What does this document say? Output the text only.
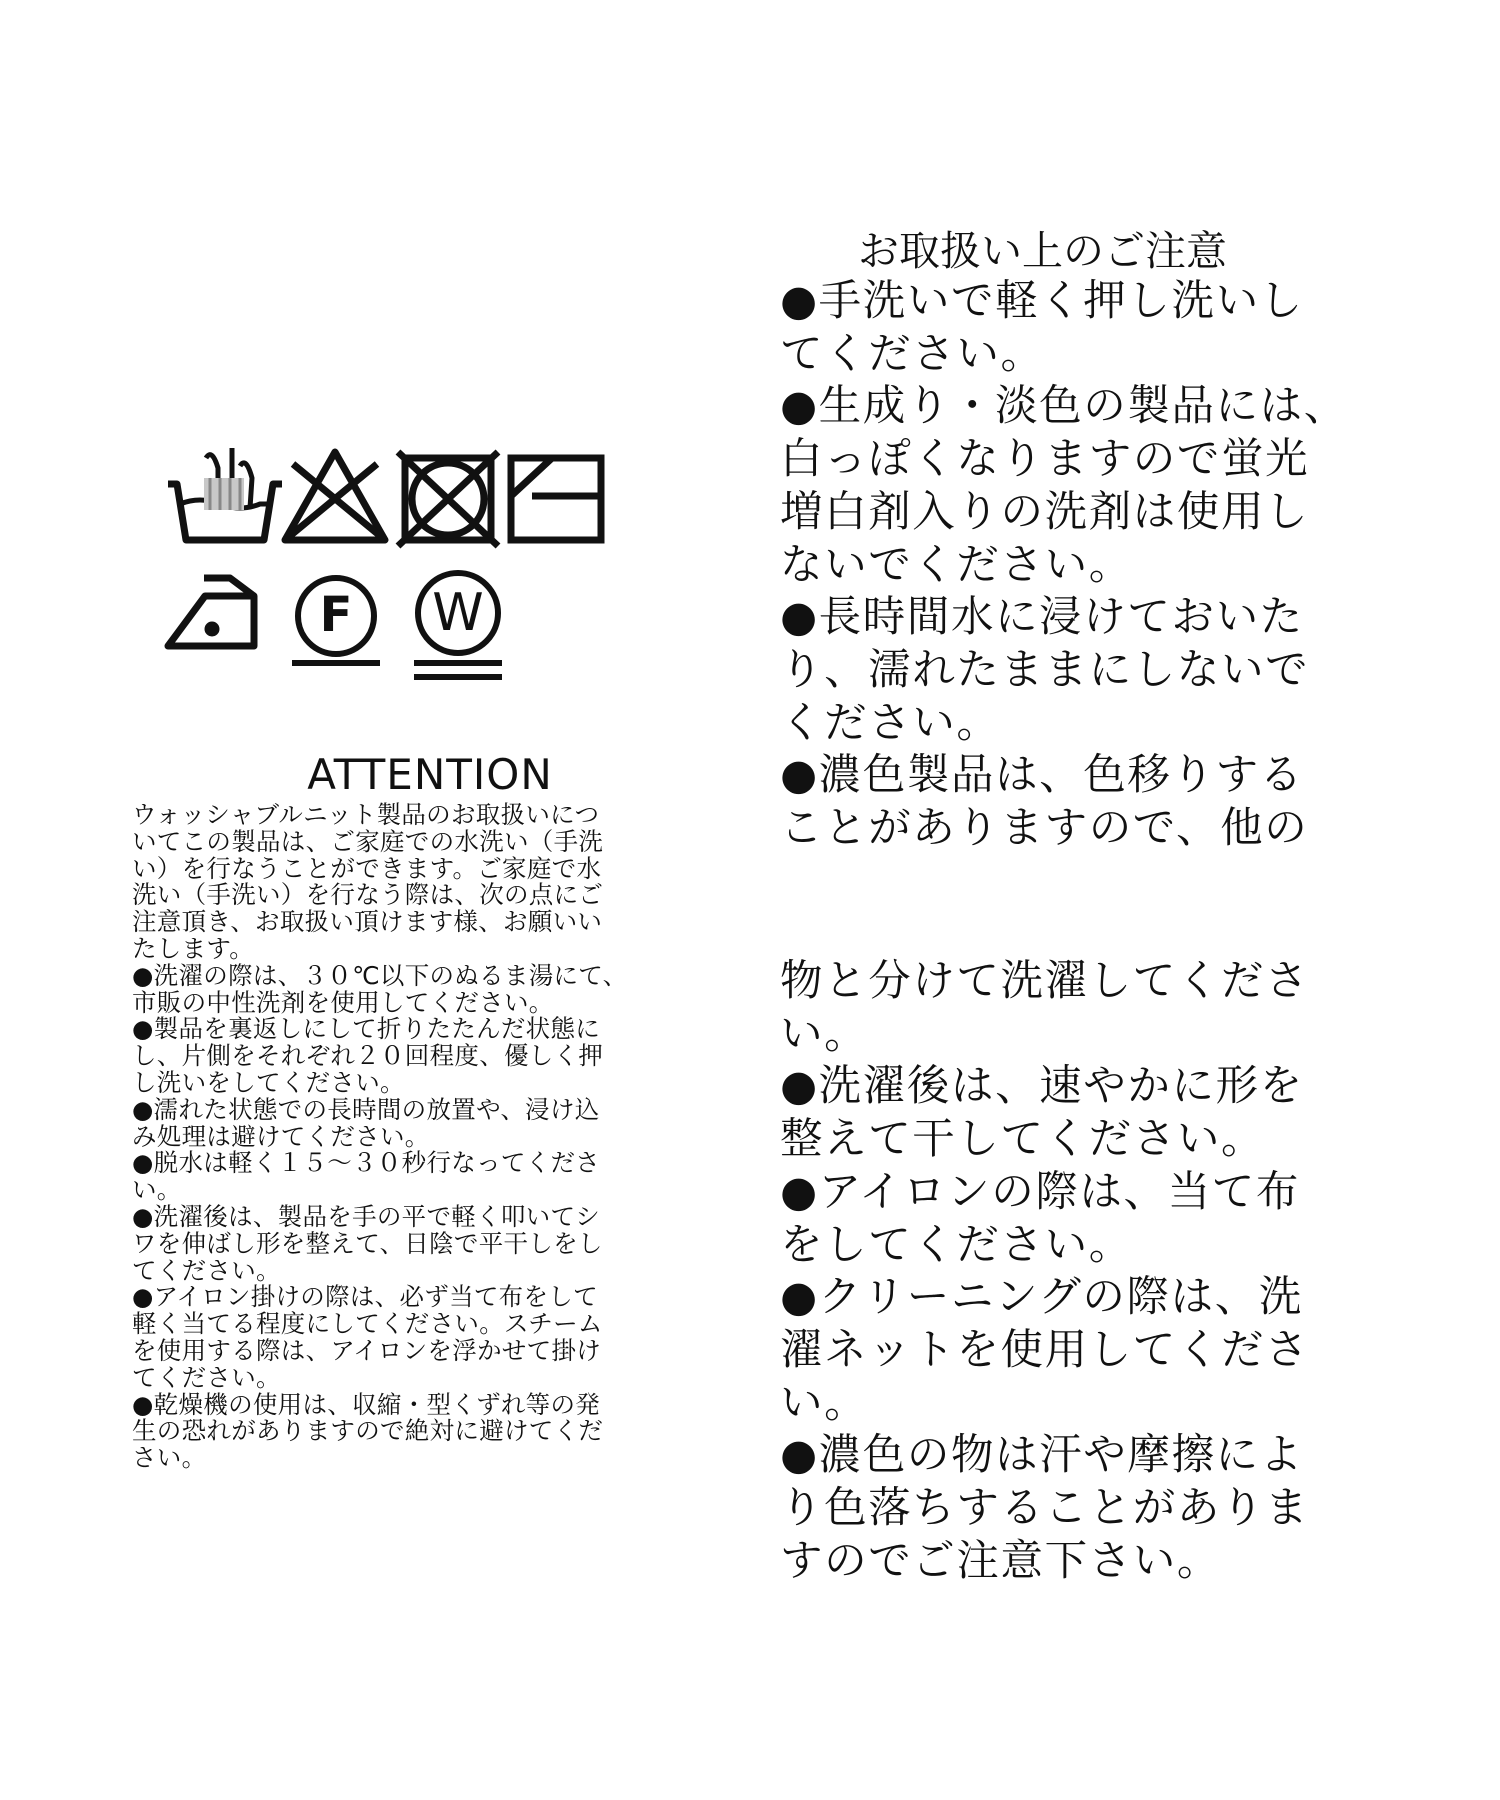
F W
ATTENTION
ウォッシャブルニット製品のお取扱いにつ
いてこの製品は、ご家庭での水洗い（手洗
い）を行なうことができます。ご家庭で水
洗い（手洗い）を行なう際は、次の点にご
注意頂き、お取扱い頂けます様、お願いい
たします。
●洗濯の際は、３０℃以下のぬるま湯にて、
市販の中性洗剤を使用してください。
●製品を裏返しにして折りたたんだ状態に
し、片側をそれぞれ２０回程度、優しく押
し洗いをしてください。
●濡れた状態での長時間の放置や、浸け込
み処理は避けてください。
●脱水は軽く１５～３０秒行なってくださ
い。
●洗濯後は、製品を手の平で軽く叩いてシ
ワを伸ばし形を整えて、日陰で平干しをし
てください。
●アイロン掛けの際は、必ず当て布をして
軽く当てる程度にしてください。スチーム
を使用する際は、アイロンを浮かせて掛け
てください。
●乾燥機の使用は、収縮・型くずれ等の発
生の恐れがありますので絶対に避けてくだ
さい。
お取扱い上のご注意
●手洗いで軽く押し洗いし
てください。
●生成り・淡色の製品には、
白っぽくなりますので蛍光
増白剤入りの洗剤は使用し
ないでください。
●長時間水に浸けておいた
り、濡れたままにしないで
ください。
●濃色製品は、色移りする
ことがありますので、他の
物と分けて洗濯してくださ
い。
●洗濯後は、速やかに形を
整えて干してください。
●アイロンの際は、当て布
をしてください。
●クリーニングの際は、洗
濯ネットを使用してくださ
い。
●濃色の物は汗や摩擦によ
り色落ちすることがありま
すのでご注意下さい。
